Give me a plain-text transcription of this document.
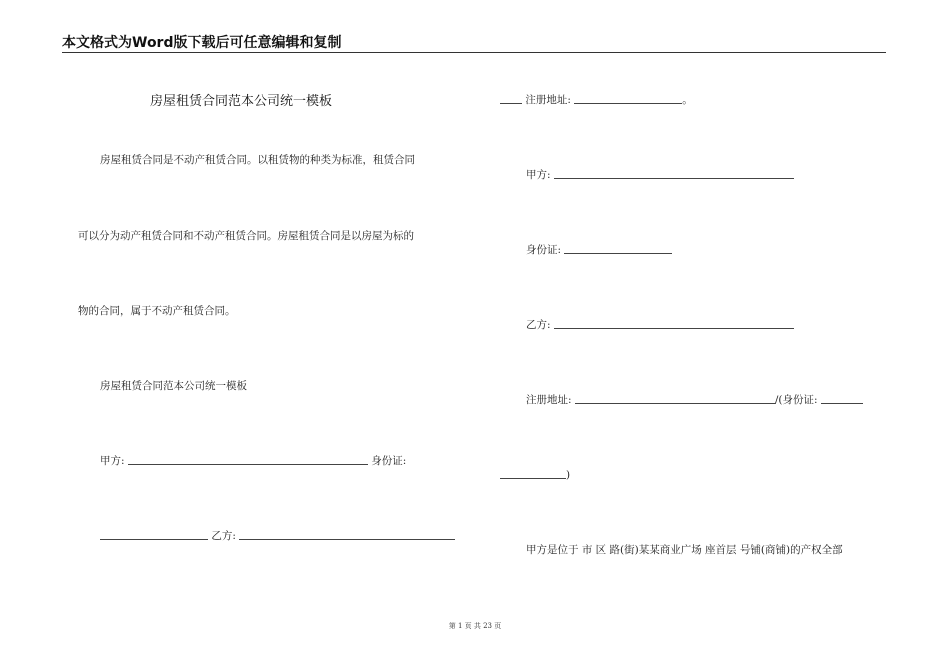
本文格式为Word版下载后可任意编辑和复制
房屋租赁合同范本公司统一模板
房屋租赁合同是不动产租赁合同。以租赁物的种类为标准，租赁合同
可以分为动产租赁合同和不动产租赁合同。房屋租赁合同是以房屋为标的
物的合同，属于不动产租赁合同。
房屋租赁合同范本公司统一模板
甲方:	身份证:
乙方:
注册地址:	。
甲方:
身份证:
乙方:
注册地址:	/(身份证:
)
甲方是位于 市 区 路(街)某某商业广场 座首层 号铺(商铺)的产权全部
第 1 页 共 23 页
